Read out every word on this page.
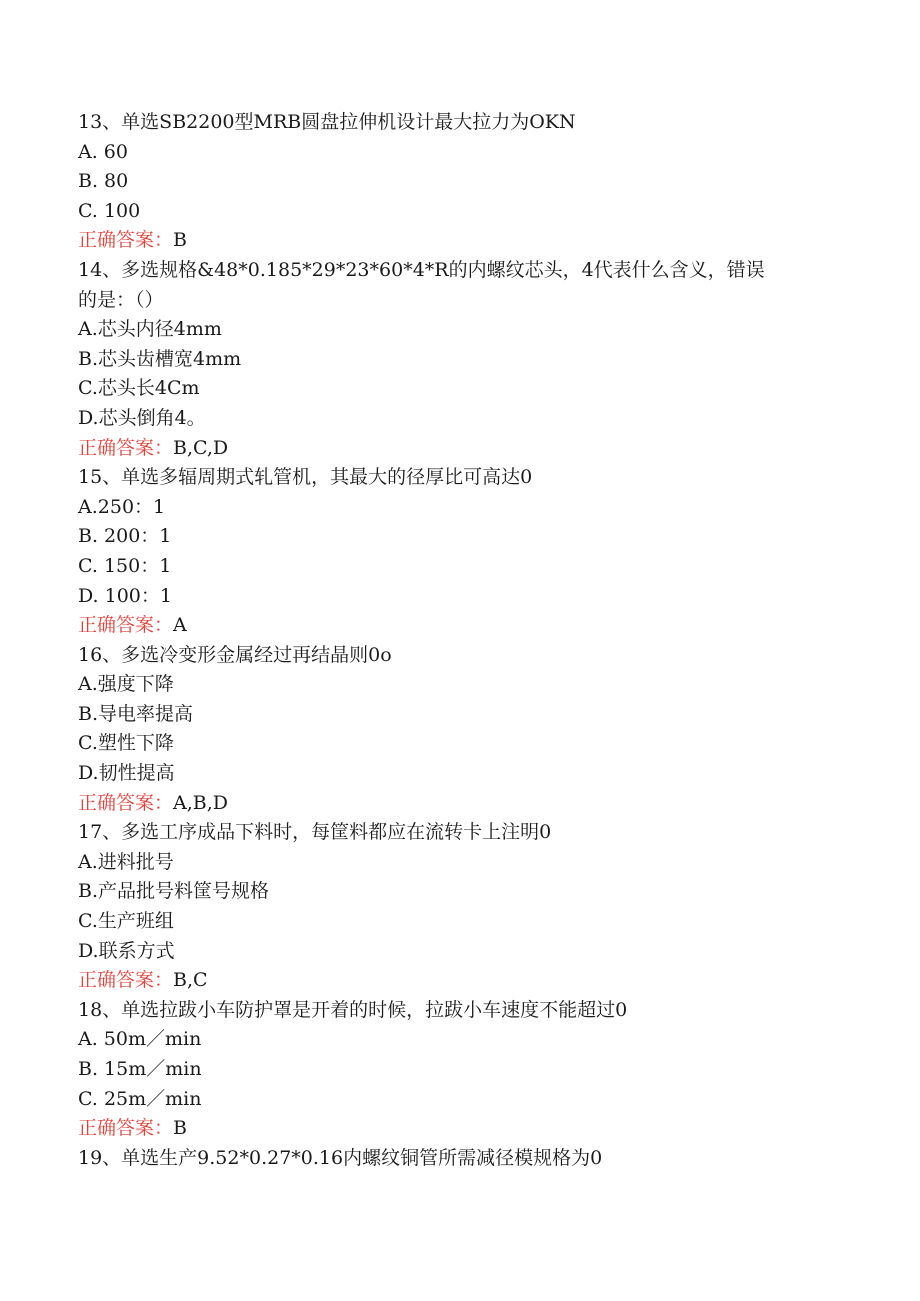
13、单选SB2200型MRB圆盘拉伸机设计最大拉力为OKN
A. 60
B. 80
C. 100
正确答案：B
14、多选规格&48*0.185*29*23*60*4*R的内螺纹芯头，4代表什么含义，错误
的是：（）
A.芯头内径4mm
B.芯头齿槽宽4mm
C.芯头长4Cm
D.芯头倒角4。
正确答案：B,C,D
15、单选多辐周期式轧管机，其最大的径厚比可高达0
A.250：1
B. 200：1
C. 150：1
D. 100：1
正确答案：A
16、多选冷变形金属经过再结晶则0o
A.强度下降
B.导电率提高
C.塑性下降
D.韧性提高
正确答案：A,B,D
17、多选工序成品下料时，每筐料都应在流转卡上注明0
A.进料批号
B.产品批号料筐号规格
C.生产班组
D.联系方式
正确答案：B,C
18、单选拉跋小车防护罩是开着的时候，拉跋小车速度不能超过0
A. 50m／min
B. 15m／min
C. 25m／min
正确答案：B
19、单选生产9.52*0.27*0.16内螺纹铜管所需减径模规格为0
